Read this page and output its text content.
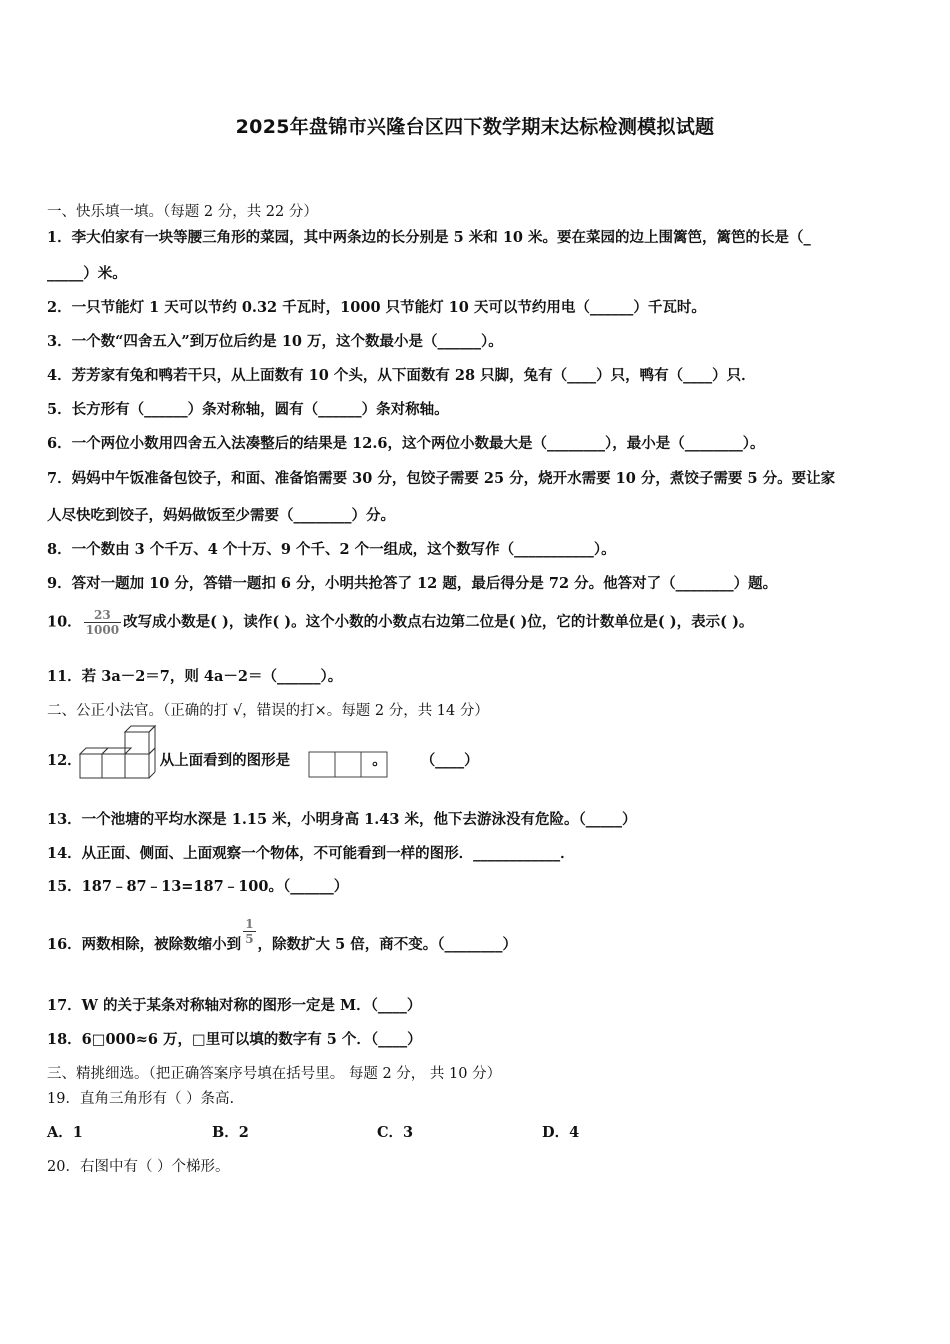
2025年盘锦市兴隆台区四下数学期末达标检测模拟试题
一、快乐填一填。（每题 2 分，共 22 分）
1．李大伯家有一块等腰三角形的菜园，其中两条边的长分别是 5 米和 10 米。要在菜园的边上围篱笆，篱笆的长是（_
_____）米。
2．一只节能灯 1 天可以节约 0.32 千瓦时，1000 只节能灯 10 天可以节约用电（______）千瓦时。
3．一个数“四舍五入”到万位后约是 10 万，这个数最小是（______）。
4．芳芳家有兔和鸭若干只，从上面数有 10 个头，从下面数有 28 只脚，兔有（____）只，鸭有（____）只．
5．长方形有（______）条对称轴，圆有（______）条对称轴。
6．一个两位小数用四舍五入法凑整后的结果是 12.6，这个两位小数最大是（________），最小是（________）。
7．妈妈中午饭准备包饺子，和面、准备馅需要 30 分，包饺子需要 25 分，烧开水需要 10 分，煮饺子需要 5 分。要让家
人尽快吃到饺子，妈妈做饭至少需要（________）分。
8．一个数由 3 个千万、4 个十万、9 个千、2 个一组成，这个数写作（___________）。
9．答对一题加 10 分，答错一题扣 6 分，小明共抢答了 12 题，最后得分是 72 分。他答对了（________）题。
10． $\frac{23}{1000}$ 改写成小数是( )，读作( )。这个小数的小数点右边第二位是( )位，它的计数单位是( )，表示( )。
11．若 3a－2＝7，则 4a－2＝（______）。
二、公正小法官。（正确的打 √，错误的打×。每题 2 分，共 14 分）
12．	从上面看到的图形是	。 （____）
13．一个池塘的平均水深是 1.15 米，小明身高 1.43 米，他下去游泳没有危险。（_____）
14．从正面、侧面、上面观察一个物体，不可能看到一样的图形．____________．
15．187﹣87﹣13=187﹣100。（______）
16．两数相除，被除数缩小到 $\frac{1}{5}$ ，除数扩大 5 倍，商不变。（________）
17．W 的关于某条对称轴对称的图形一定是 M．（____）
18．6□000≈6 万，□里可以填的数字有 5 个．（____）
三、精挑细选。（把正确答案序号填在括号里。 每题 2 分， 共 10 分）
19．直角三角形有（ ）条高.
A．1	B．2	C．3	D．4
20．右图中有（ ）个梯形。
